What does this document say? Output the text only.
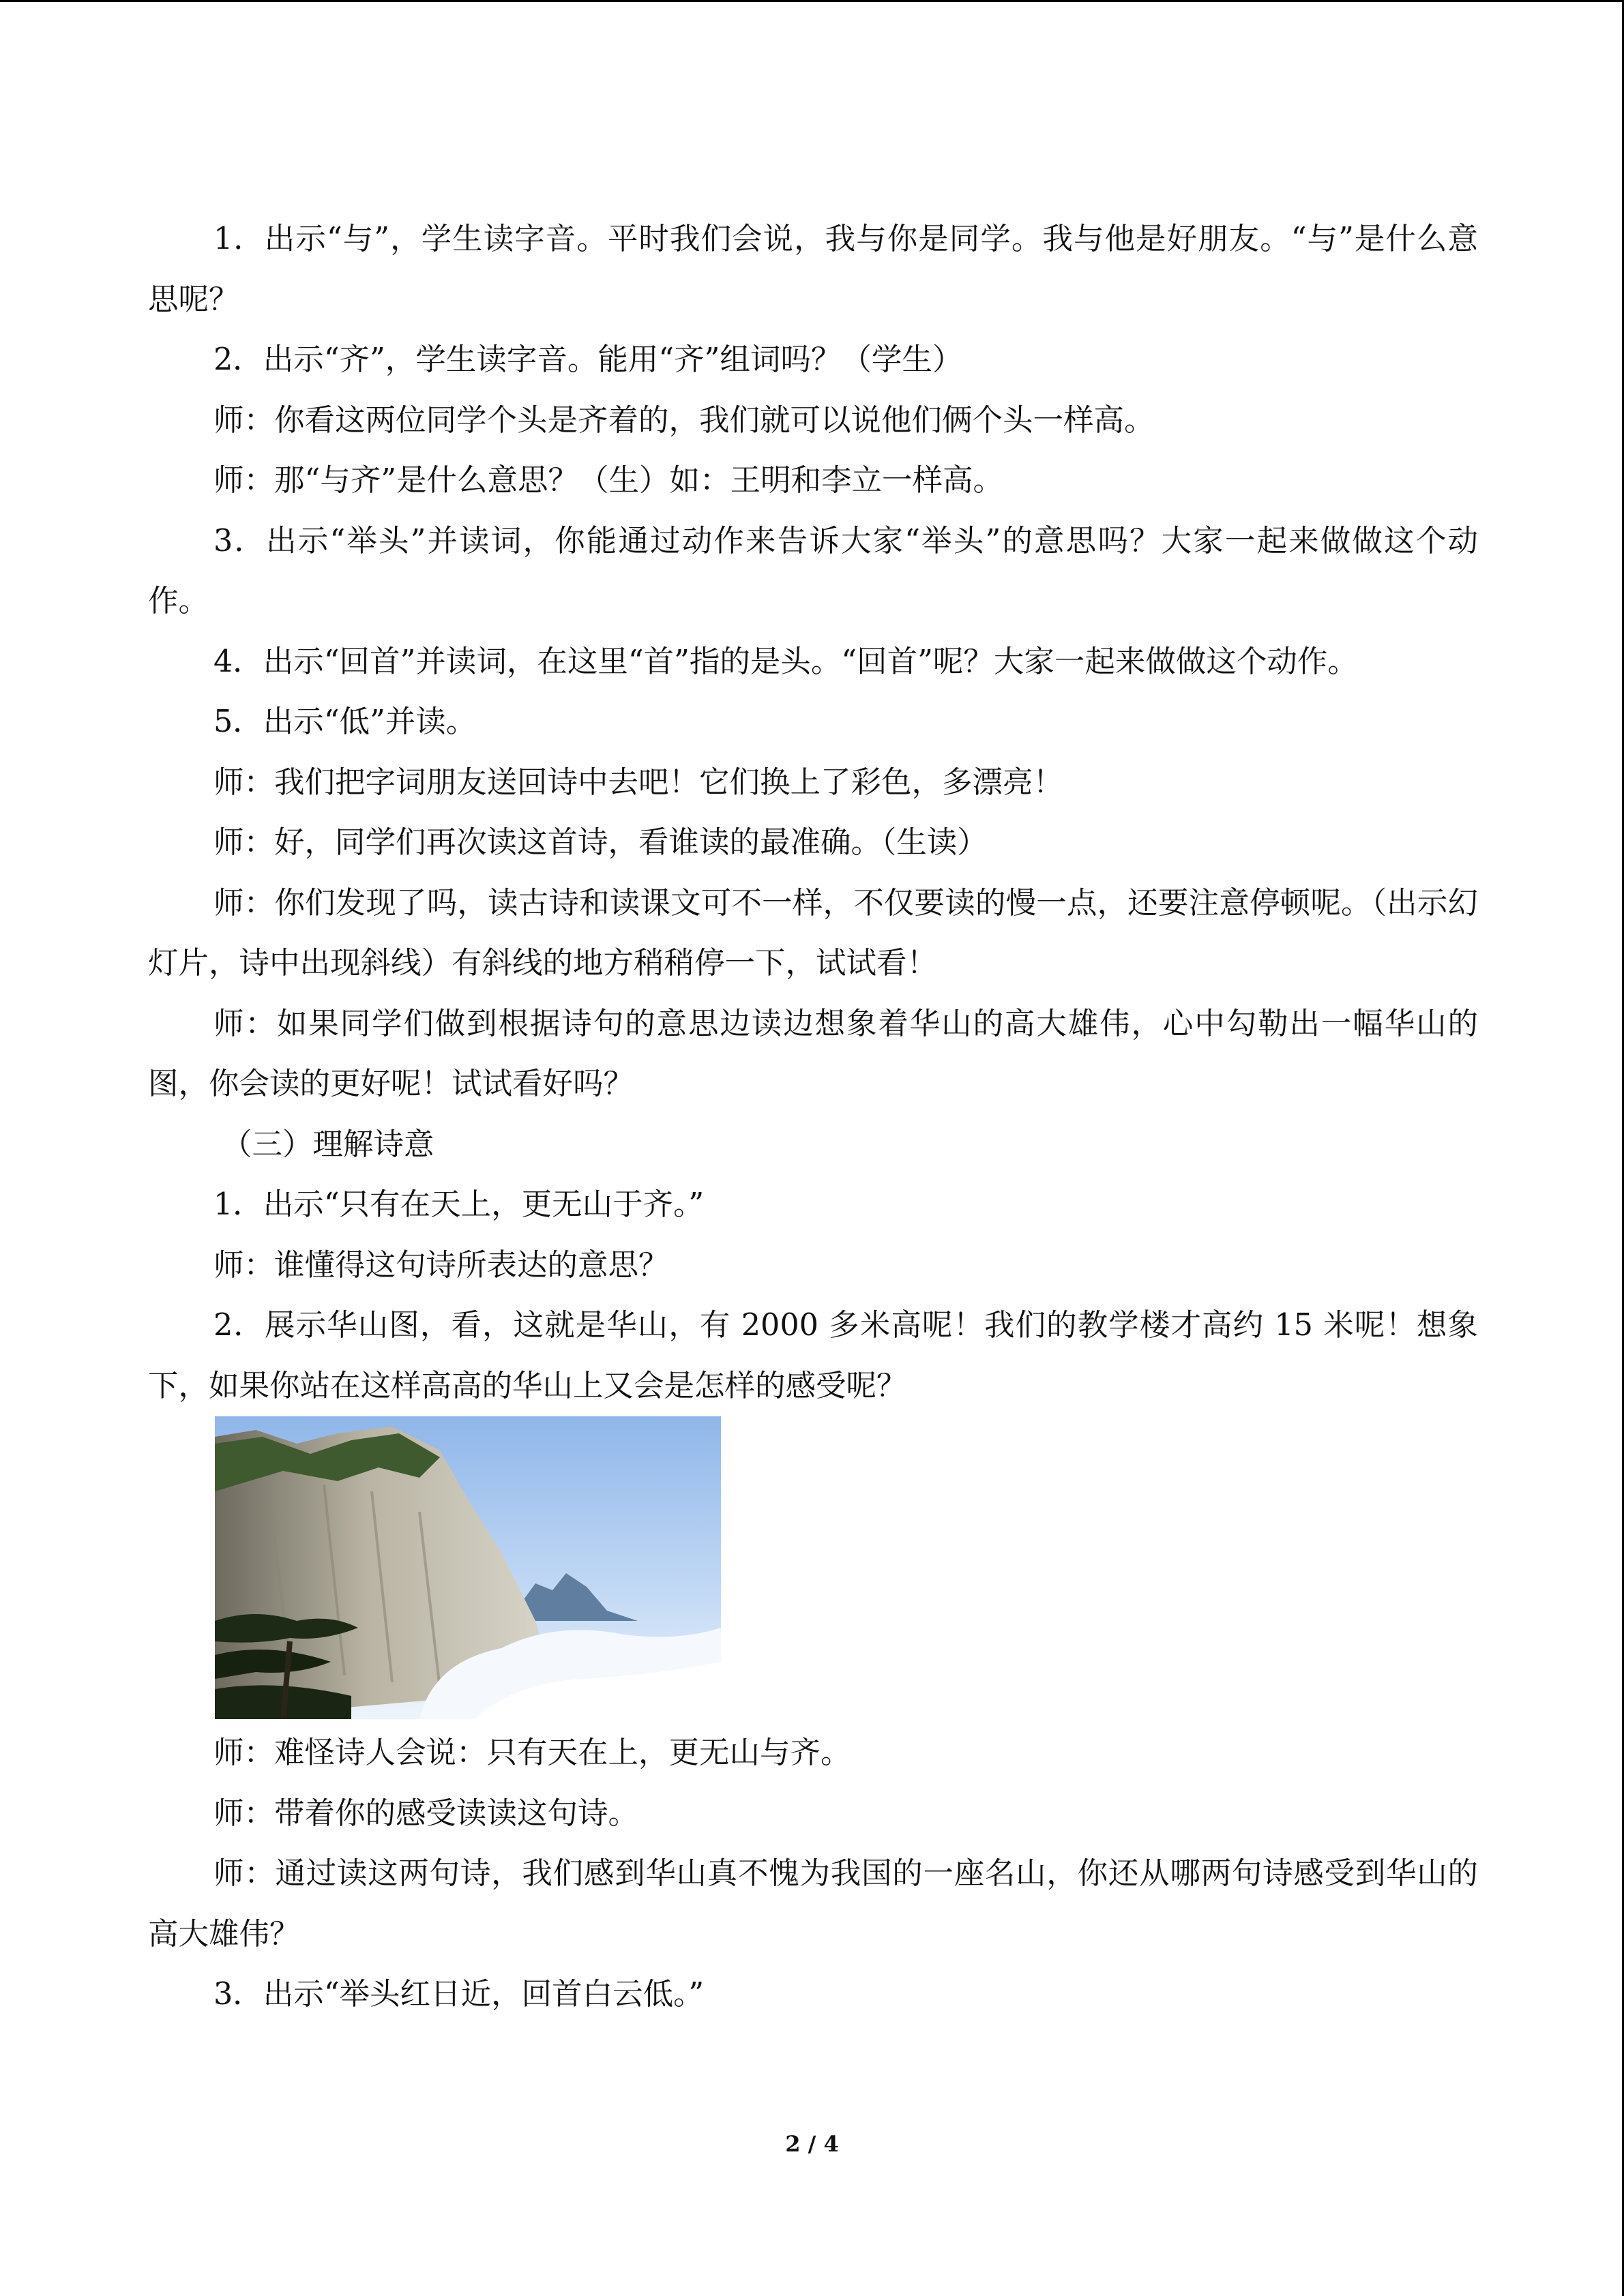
1．出示“与”，学生读字音。平时我们会说，我与你是同学。我与他是好朋友。“与”是什么意思呢？

2．出示“齐”，学生读字音。能用“齐”组词吗？（学生）

师：你看这两位同学个头是齐着的，我们就可以说他们俩个头一样高。

师：那“与齐”是什么意思？（生）如：王明和李立一样高。

3．出示“举头”并读词，你能通过动作来告诉大家“举头”的意思吗？大家一起来做做这个动作。

4．出示“回首”并读词，在这里“首”指的是头。“回首”呢？大家一起来做做这个动作。

5．出示“低”并读。

师：我们把字词朋友送回诗中去吧！它们换上了彩色，多漂亮！

师：好，同学们再次读这首诗，看谁读的最准确。（生读）

师：你们发现了吗，读古诗和读课文可不一样，不仅要读的慢一点，还要注意停顿呢。（出示幻灯片，诗中出现斜线）有斜线的地方稍稍停一下，试试看！

师：如果同学们做到根据诗句的意思边读边想象着华山的高大雄伟，心中勾勒出一幅华山的图，你会读的更好呢！试试看好吗？

（三）理解诗意

1．出示“只有在天上，更无山于齐。”

师：谁懂得这句诗所表达的意思？

2．展示华山图，看，这就是华山，有 2000 多米高呢！我们的教学楼才高约 15 米呢！想象下，如果你站在这样高高的华山上又会是怎样的感受呢？

师：难怪诗人会说：只有天在上，更无山与齐。

师：带着你的感受读读这句诗。

师：通过读这两句诗，我们感到华山真不愧为我国的一座名山，你还从哪两句诗感受到华山的高大雄伟？

3．出示“举头红日近，回首白云低。”

2 / 4
